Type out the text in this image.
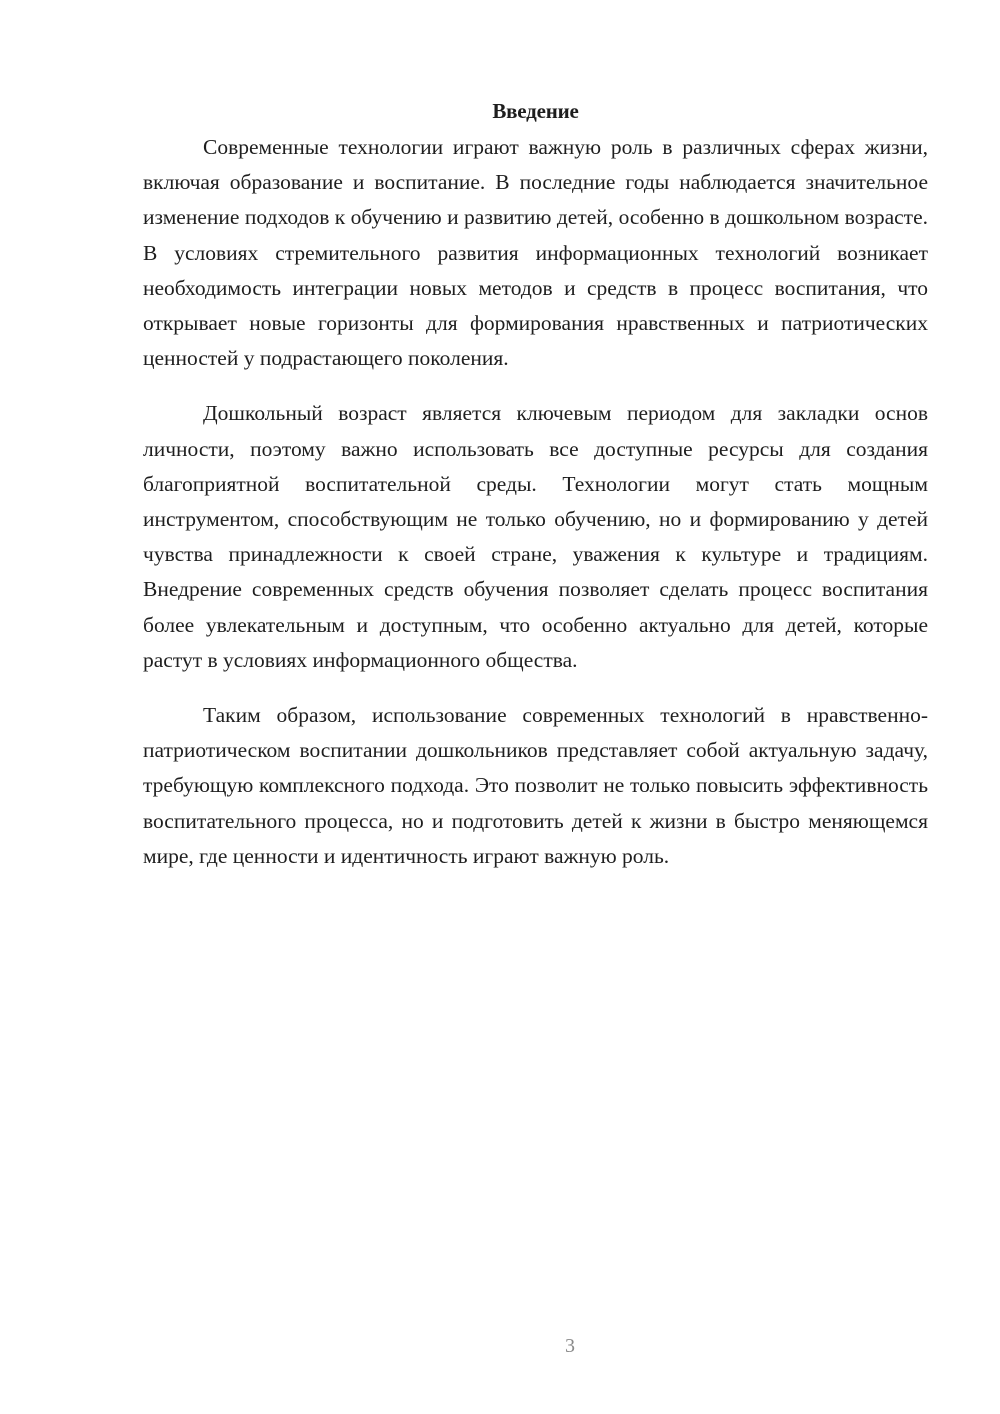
Введение

Современные технологии играют важную роль в различных сферах жизни, включая образование и воспитание. В последние годы наблюдается значительное изменение подходов к обучению и развитию детей, особенно в дошкольном возрасте. В условиях стремительного развития информационных технологий возникает необходимость интеграции новых методов и средств в процесс воспитания, что открывает новые горизонты для формирования нравственных и патриотических ценностей у подрастающего поколения.

Дошкольный возраст является ключевым периодом для закладки основ личности, поэтому важно использовать все доступные ресурсы для создания благоприятной воспитательной среды. Технологии могут стать мощным инструментом, способствующим не только обучению, но и формированию у детей чувства принадлежности к своей стране, уважения к культуре и традициям. Внедрение современных средств обучения позволяет сделать процесс воспитания более увлекательным и доступным, что особенно актуально для детей, которые растут в условиях информационного общества.

Таким образом, использование современных технологий в нравственно-патриотическом воспитании дошкольников представляет собой актуальную задачу, требующую комплексного подхода. Это позволит не только повысить эффективность воспитательного процесса, но и подготовить детей к жизни в быстро меняющемся мире, где ценности и идентичность играют важную роль.

3
